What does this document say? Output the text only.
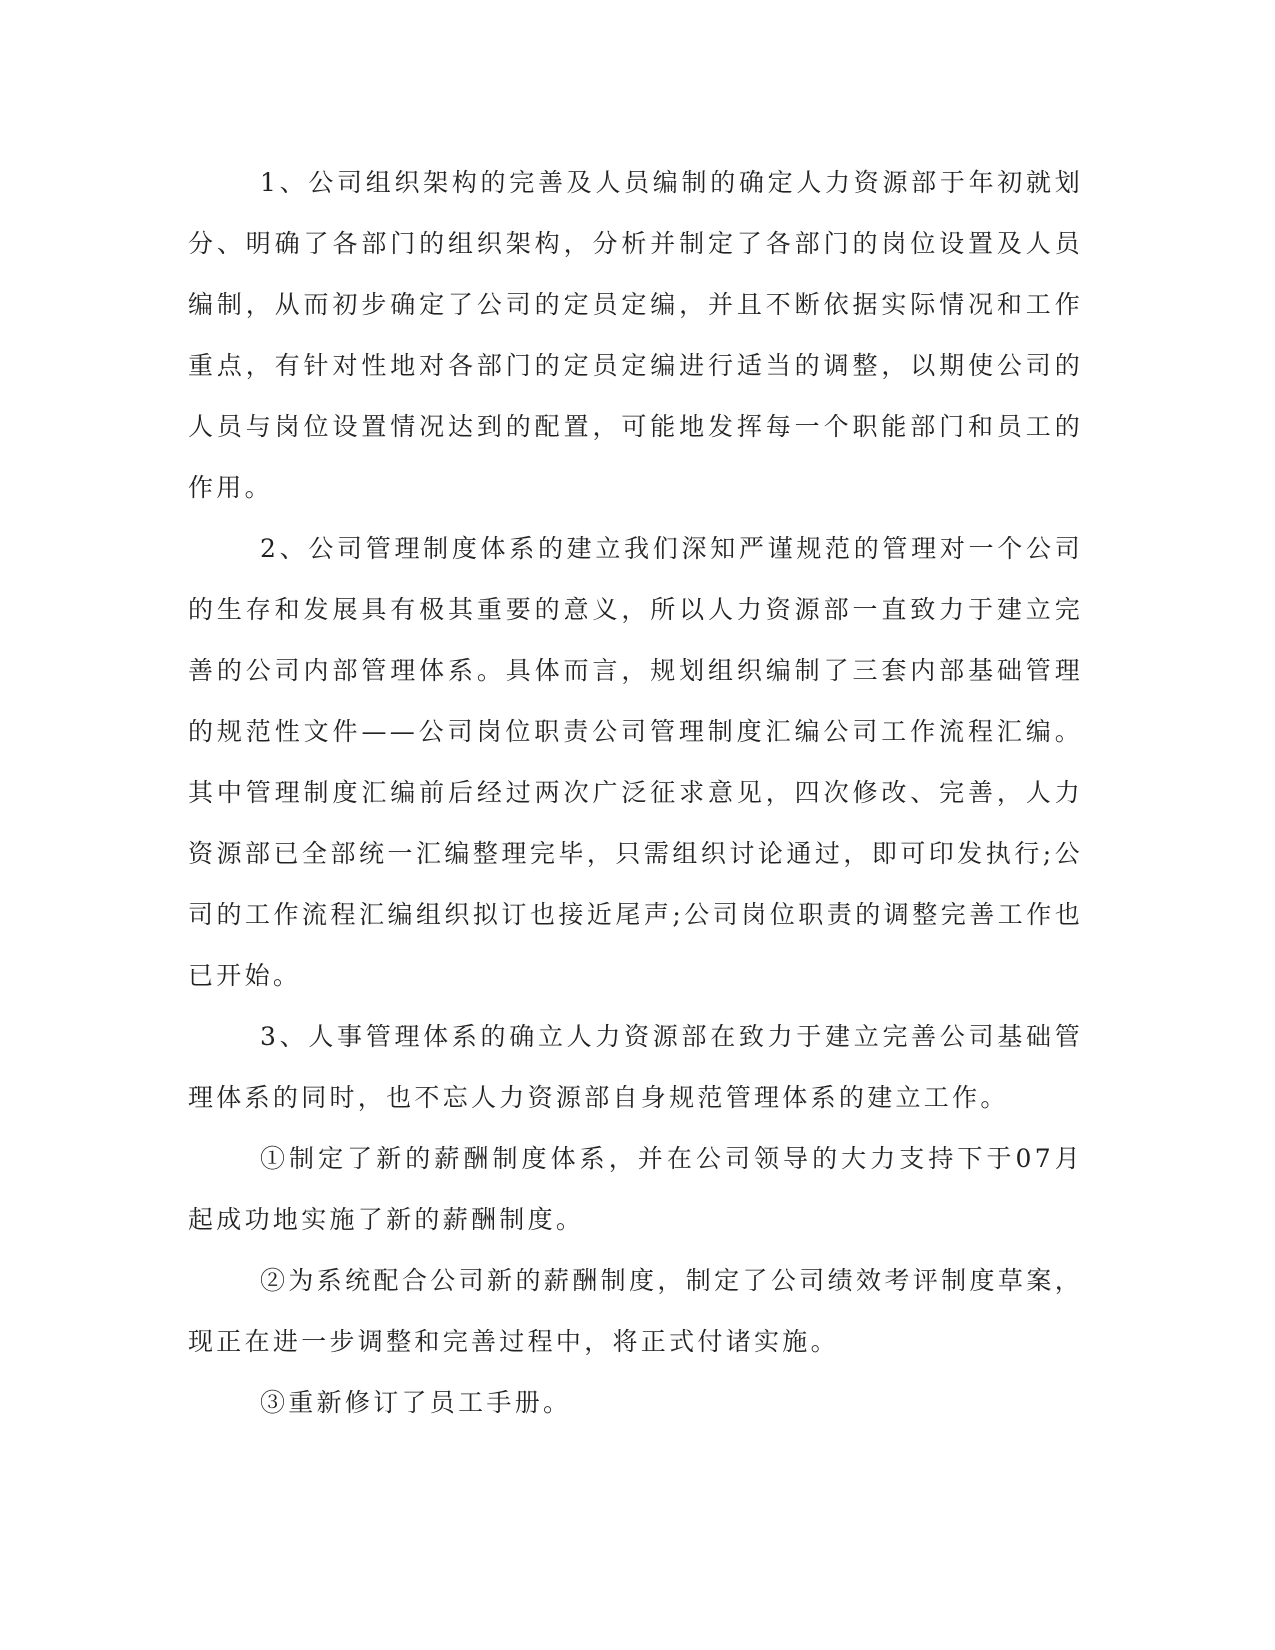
1、公司组织架构的完善及人员编制的确定人力资源部于年初就划分、明确了各部门的组织架构，分析并制定了各部门的岗位设置及人员编制，从而初步确定了公司的定员定编，并且不断依据实际情况和工作重点，有针对性地对各部门的定员定编进行适当的调整，以期使公司的人员与岗位设置情况达到的配置，可能地发挥每一个职能部门和员工的作用。

2、公司管理制度体系的建立我们深知严谨规范的管理对一个公司的生存和发展具有极其重要的意义，所以人力资源部一直致力于建立完善的公司内部管理体系。具体而言，规划组织编制了三套内部基础管理的规范性文件——公司岗位职责公司管理制度汇编公司工作流程汇编。其中管理制度汇编前后经过两次广泛征求意见，四次修改、完善，人力资源部已全部统一汇编整理完毕，只需组织讨论通过，即可印发执行;公司的工作流程汇编组织拟订也接近尾声;公司岗位职责的调整完善工作也已开始。

3、人事管理体系的确立人力资源部在致力于建立完善公司基础管理体系的同时，也不忘人力资源部自身规范管理体系的建立工作。

①制定了新的薪酬制度体系，并在公司领导的大力支持下于07月起成功地实施了新的薪酬制度。

②为系统配合公司新的薪酬制度，制定了公司绩效考评制度草案，现正在进一步调整和完善过程中，将正式付诸实施。

③重新修订了员工手册。
